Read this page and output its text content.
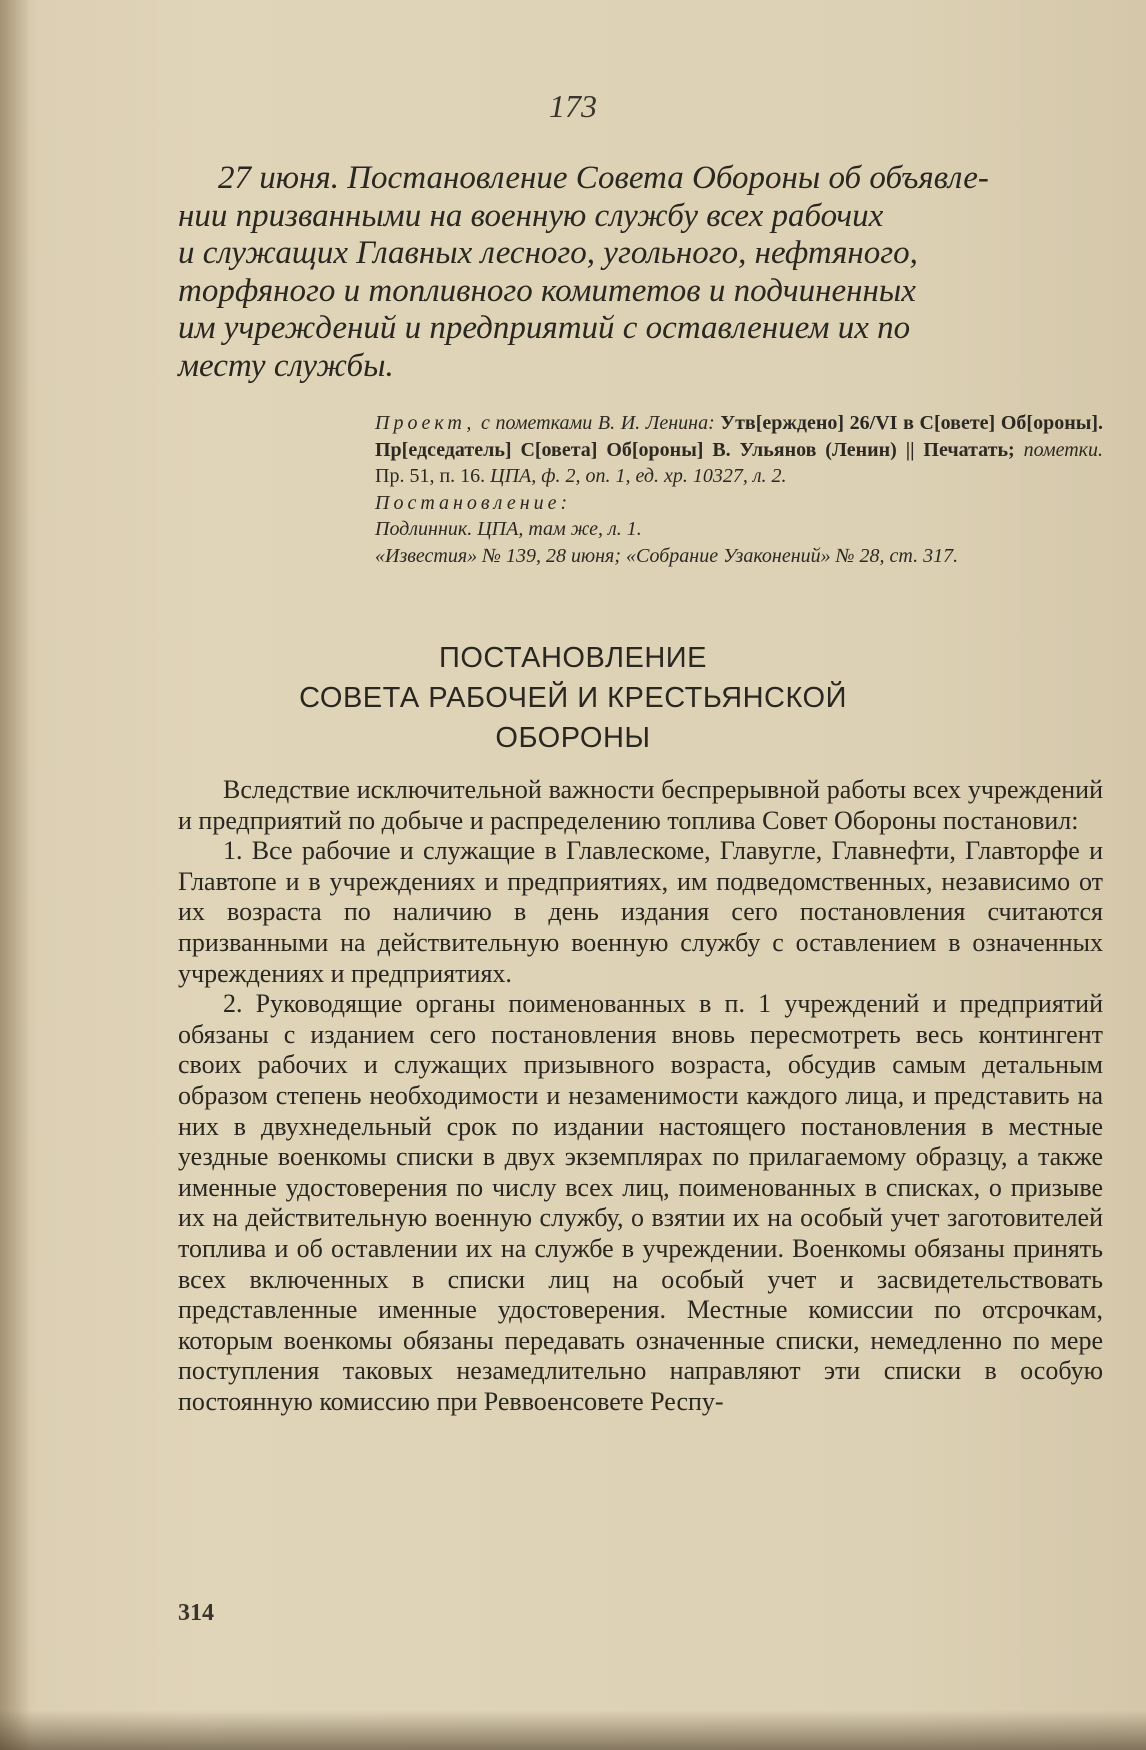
173
27 июня. Постановление Совета Обороны об объявле-
нии призванными на военную службу всех рабочих
и служащих Главных лесного, угольного, нефтяного,
торфяного и топливного комитетов и подчиненных
им учреждений и предприятий с оставлением их по
месту службы.

Проект, с пометками В. И. Ленина: Утв[ерждено] 26/VI в С[овете] Об[ороны]. Пр[едседатель] С[овета] Об[ороны] В. Ульянов (Ленин) || Печатать; пометки. Пр. 51, п. 16. ЦПА, ф. 2, оп. 1, ед. хр. 10327, л. 2.

Постановление:

Подлинник. ЦПА, там же, л. 1.

«Известия» № 139, 28 июня; «Собрание Узаконений» № 28, ст. 317.

ПОСТАНОВЛЕНИЕ
СОВЕТА РАБОЧЕЙ И КРЕСТЬЯНСКОЙ
ОБОРОНЫ

Вследствие исключительной важности беспрерывной работы всех учреждений и предприятий по добыче и распределению топлива Совет Обороны постановил:

1. Все рабочие и служащие в Главлескоме, Главугле, Главнефти, Главторфе и Главтопе и в учреждениях и предприятиях, им подведомственных, независимо от их возраста по наличию в день издания сего постановления считаются призванными на действительную военную службу с оставлением в означенных учреждениях и предприятиях.

2. Руководящие органы поименованных в п. 1 учреждений и предприятий обязаны с изданием сего постановления вновь пересмотреть весь контингент своих рабочих и служащих призывного возраста, обсудив самым детальным образом степень необходимости и незаменимости каждого лица, и представить на них в двухнедельный срок по издании настоящего постановления в местные уездные военкомы списки в двух экземплярах по прилагаемому образцу, а также именные удостоверения по числу всех лиц, поименованных в списках, о призыве их на действительную военную службу, о взятии их на особый учет заготовителей топлива и об оставлении их на службе в учреждении. Военкомы обязаны принять всех включенных в списки лиц на особый учет и засвидетельствовать представленные именные удостоверения. Местные комиссии по отсрочкам, которым военкомы обязаны передавать означенные списки, немедленно по мере поступления таковых незамедлительно направляют эти списки в особую постоянную комиссию при Реввоенсовете Респу-

314
